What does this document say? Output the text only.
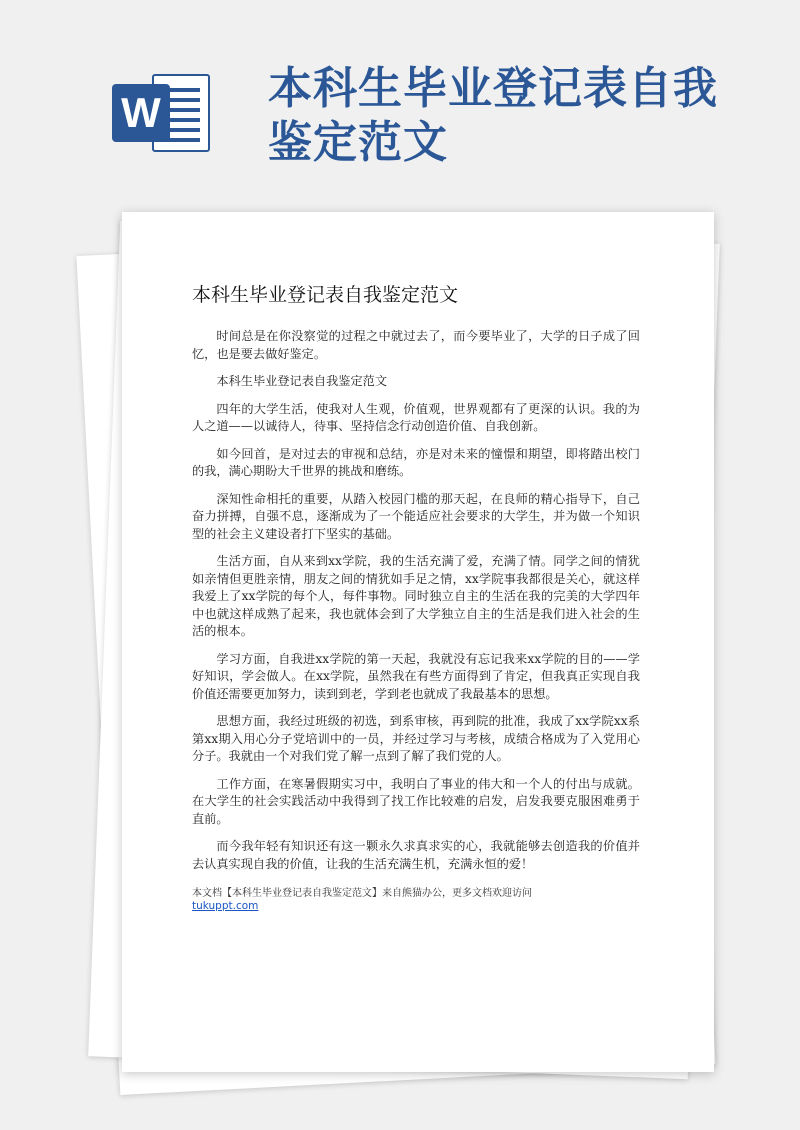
W 本科生毕业登记表自我鉴定范文
本科生毕业登记表自我鉴定范文

时间总是在你没察觉的过程之中就过去了，而今要毕业了，大学的日子成了回忆，也是要去做好鉴定。

本科生毕业登记表自我鉴定范文

四年的大学生活，使我对人生观，价值观，世界观都有了更深的认识。我的为人之道——以诚待人，待事、坚持信念行动创造价值、自我创新。

如今回首，是对过去的审视和总结，亦是对未来的憧憬和期望，即将踏出校门的我，满心期盼大千世界的挑战和磨练。

深知性命相托的重要，从踏入校园门槛的那天起，在良师的精心指导下，自己奋力拼搏，自强不息，逐渐成为了一个能适应社会要求的大学生，并为做一个知识型的社会主义建设者打下坚实的基础。

生活方面，自从来到xx学院，我的生活充满了爱，充满了情。同学之间的情犹如亲情但更胜亲情，朋友之间的情犹如手足之情，xx学院事我都很是关心，就这样我爱上了xx学院的每个人，每件事物。同时独立自主的生活在我的完美的大学四年中也就这样成熟了起来，我也就体会到了大学独立自主的生活是我们进入社会的生活的根本。

学习方面，自我进xx学院的第一天起，我就没有忘记我来xx学院的目的——学好知识，学会做人。在xx学院，虽然我在有些方面得到了肯定，但我真正实现自我价值还需要更加努力，读到到老，学到老也就成了我最基本的思想。

思想方面，我经过班级的初选，到系审核，再到院的批准，我成了xx学院xx系第xx期入用心分子党培训中的一员，并经过学习与考核，成绩合格成为了入党用心分子。我就由一个对我们党了解一点到了解了我们党的人。

工作方面，在寒暑假期实习中，我明白了事业的伟大和一个人的付出与成就。在大学生的社会实践活动中我得到了找工作比较难的启发，启发我要克服困难勇于直前。

而今我年轻有知识还有这一颗永久求真求实的心，我就能够去创造我的价值并去认真实现自我的价值，让我的生活充满生机，充满永恒的爱！

本文档【本科生毕业登记表自我鉴定范文】来自熊猫办公，更多文档欢迎访问
tukuppt.com
